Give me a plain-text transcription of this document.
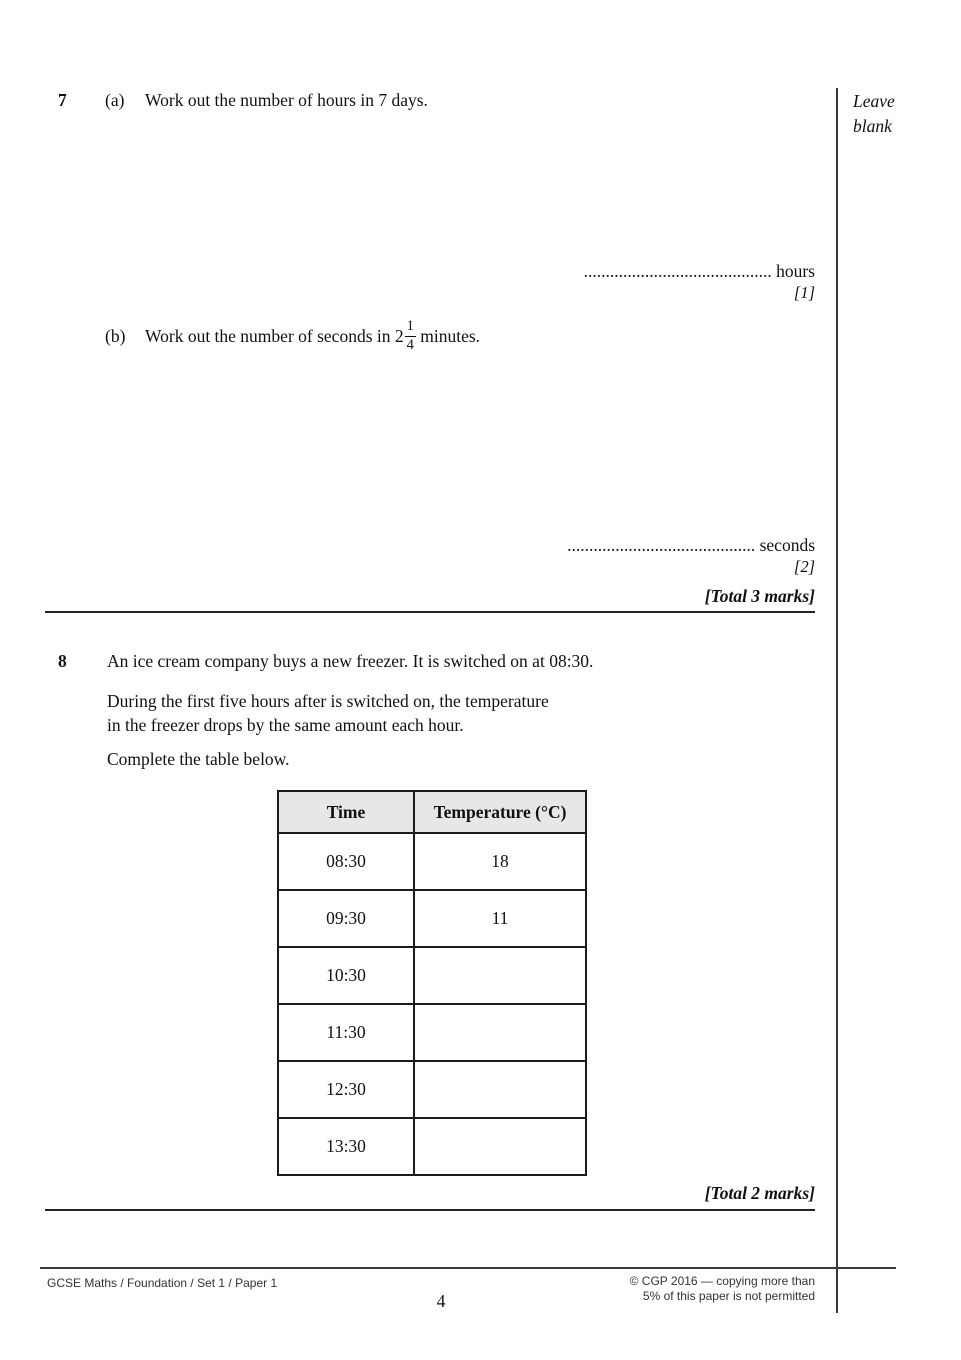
Leave
blank
7 (a) Work out the number of hours in 7 days.
........................................... hours
[1]
(b) Work out the number of seconds in $2 \frac{1}{4}$ minutes.
........................................... seconds
[2]
[Total 3 marks]
8 An ice cream company buys a new freezer. It is switched on at 08:30.
During the first five hours after is switched on, the temperature
in the freezer drops by the same amount each hour.
Complete the table below.
Time	Temperature (°C)
08:30	18
09:30	11
10:30	
11:30	
12:30	
13:30	
[Total 2 marks]
GCSE Maths / Foundation / Set 1 / Paper 1
4
© CGP 2016 — copying more than
5% of this paper is not permitted
